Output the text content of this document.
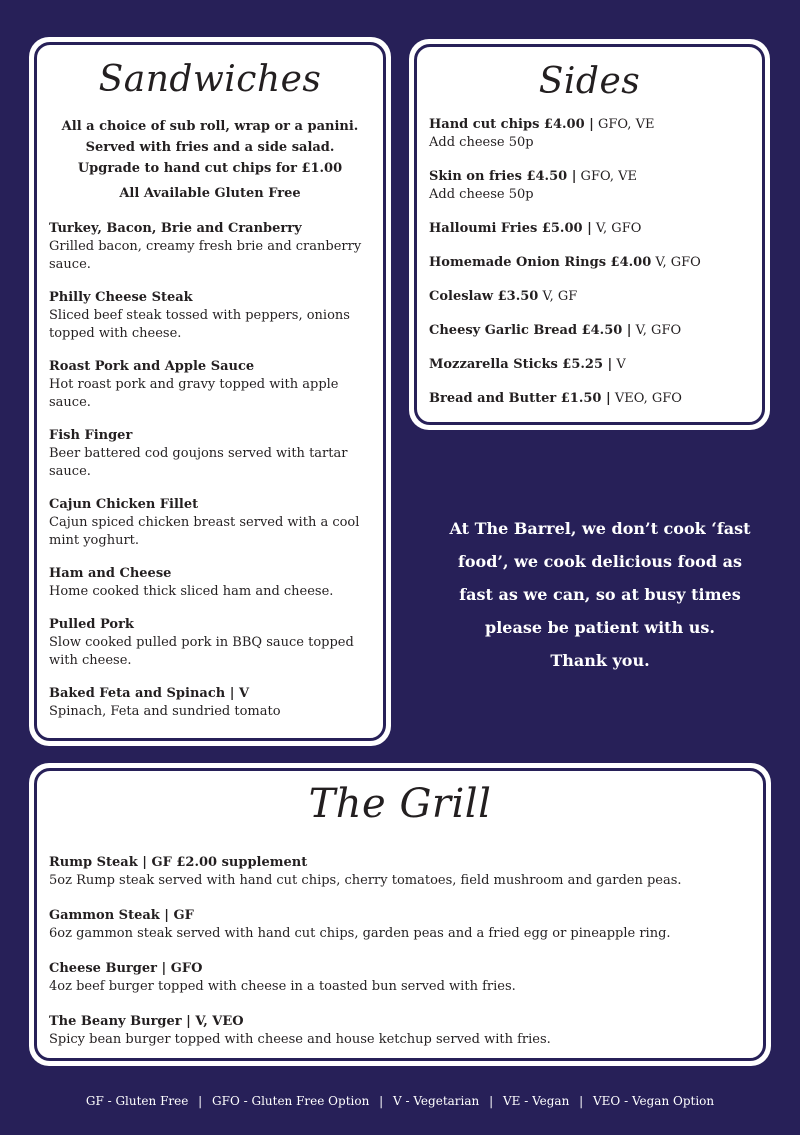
Sandwiches
All a choice of sub roll, wrap or a panini.
Served with fries and a side salad.
Upgrade to hand cut chips for £1.00
All Available Gluten Free
Turkey, Bacon, Brie and Cranberry
Grilled bacon, creamy fresh brie and cranberry sauce.
Philly Cheese Steak
Sliced beef steak tossed with peppers, onions topped with cheese.
Roast Pork and Apple Sauce
Hot roast pork and gravy topped with apple sauce.
Fish Finger
Beer battered cod goujons served with tartar sauce.
Cajun Chicken Fillet
Cajun spiced chicken breast served with a cool mint yoghurt.
Ham and Cheese
Home cooked thick sliced ham and cheese.
Pulled Pork
Slow cooked pulled pork in BBQ sauce topped with cheese.
Baked Feta and Spinach | V
Spinach, Feta and sundried tomato
Sides
Hand cut chips £4.00 | GFO, VE
Add cheese 50p
Skin on fries £4.50 | GFO, VE
Add cheese 50p
Halloumi Fries £5.00 | V, GFO
Homemade Onion Rings £4.00 V, GFO
Coleslaw £3.50 V, GF
Cheesy Garlic Bread £4.50 | V, GFO
Mozzarella Sticks £5.25 | V
Bread and Butter £1.50 | VEO, GFO
At The Barrel, we don’t cook ‘fast
food’, we cook delicious food as
fast as we can, so at busy times
please be patient with us.
Thank you.
The Grill
Rump Steak | GF £2.00 supplement
5oz Rump steak served with hand cut chips, cherry tomatoes, field mushroom and garden peas.
Gammon Steak | GF
6oz gammon steak served with hand cut chips, garden peas and a fried egg or pineapple ring.
Cheese Burger | GFO
4oz beef burger topped with cheese in a toasted bun served with fries.
The Beany Burger | V, VEO
Spicy bean burger topped with cheese and house ketchup served with fries.
GF - Gluten Free | GFO - Gluten Free Option | V - Vegetarian | VE - Vegan | VEO - Vegan Option
